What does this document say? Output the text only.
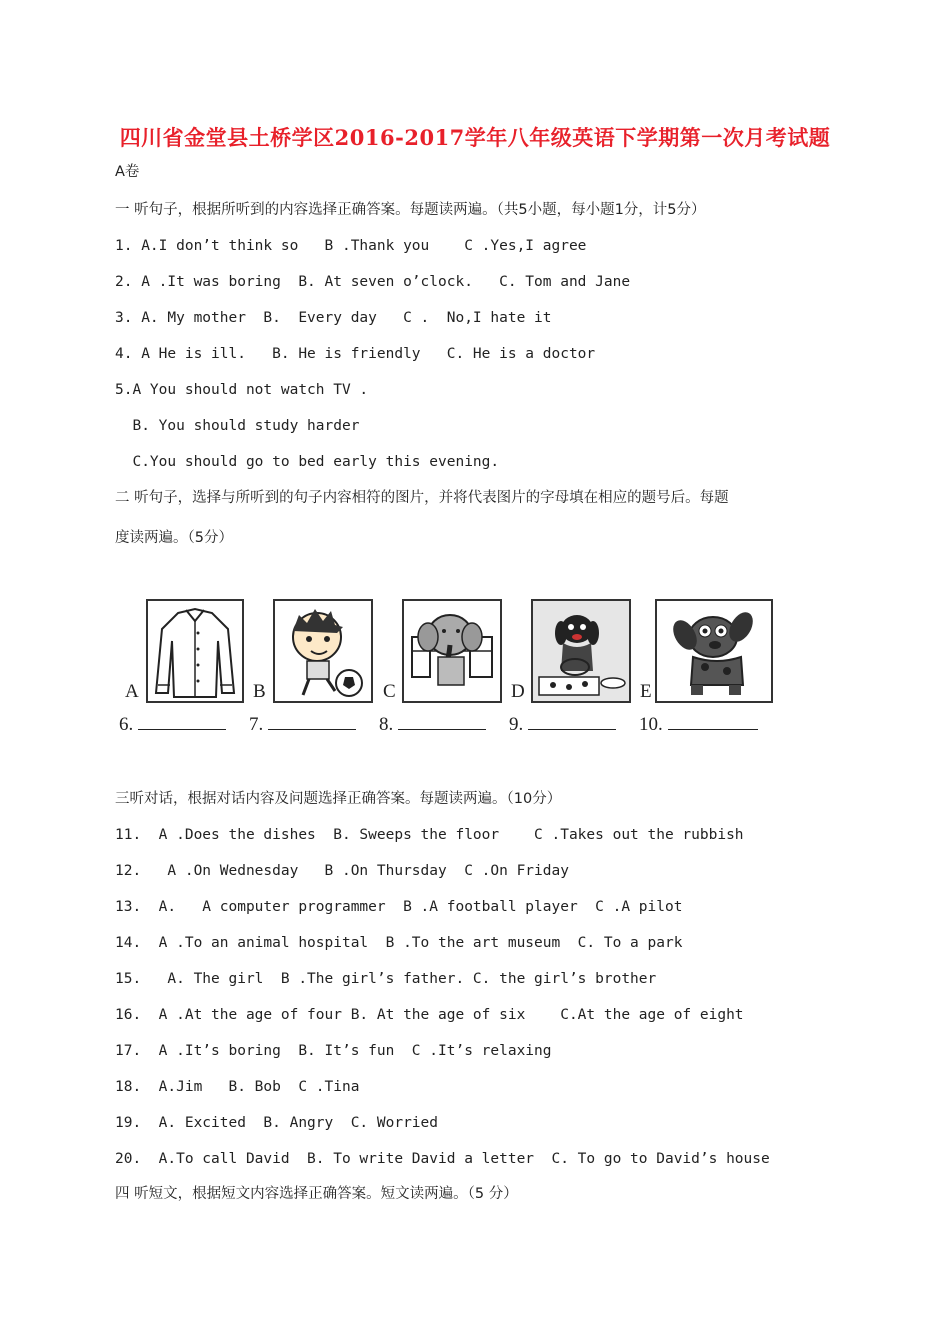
四川省金堂县土桥学区2016-2017学年八年级英语下学期第一次月考试题
A卷
一 听句子，根据所听到的内容选择正确答案。每题读两遍。（共5小题，每小题1分，计5分）
1. A.I don’t think so   B .Thank you    C .Yes,I agree
2. A .It was boring  B. At seven o’clock.   C. Tom and Jane
3. A. My mother  B.  Every day   C .  No,I hate it
4. A He is ill.   B. He is friendly   C. He is a doctor
5.A You should not watch TV .
B. You should study harder
C.You should go to bed early this evening.
二 听句子，选择与所听到的句子内容相符的图片，并将代表图片的字母填在相应的题号后。每题
度读两遍。（5分）
A	B	C	D	E
6.	7.	8.	9.	10.
三听对话，根据对话内容及问题选择正确答案。每题读两遍。（10分）
11.  A .Does the dishes  B. Sweeps the floor    C .Takes out the rubbish
12.   A .On Wednesday   B .On Thursday  C .On Friday
13.  A.   A computer programmer  B .A football player  C .A pilot
14.  A .To an animal hospital  B .To the art museum  C. To a park
15.   A. The girl  B .The girl’s father. C. the girl’s brother
16.  A .At the age of four B. At the age of six    C.At the age of eight
17.  A .It’s boring  B. It’s fun  C .It’s relaxing
18.  A.Jim   B. Bob  C .Tina
19.  A. Excited  B. Angry  C. Worried
20.  A.To call David  B. To write David a letter  C. To go to David’s house
四 听短文，根据短文内容选择正确答案。短文读两遍。（5 分）
